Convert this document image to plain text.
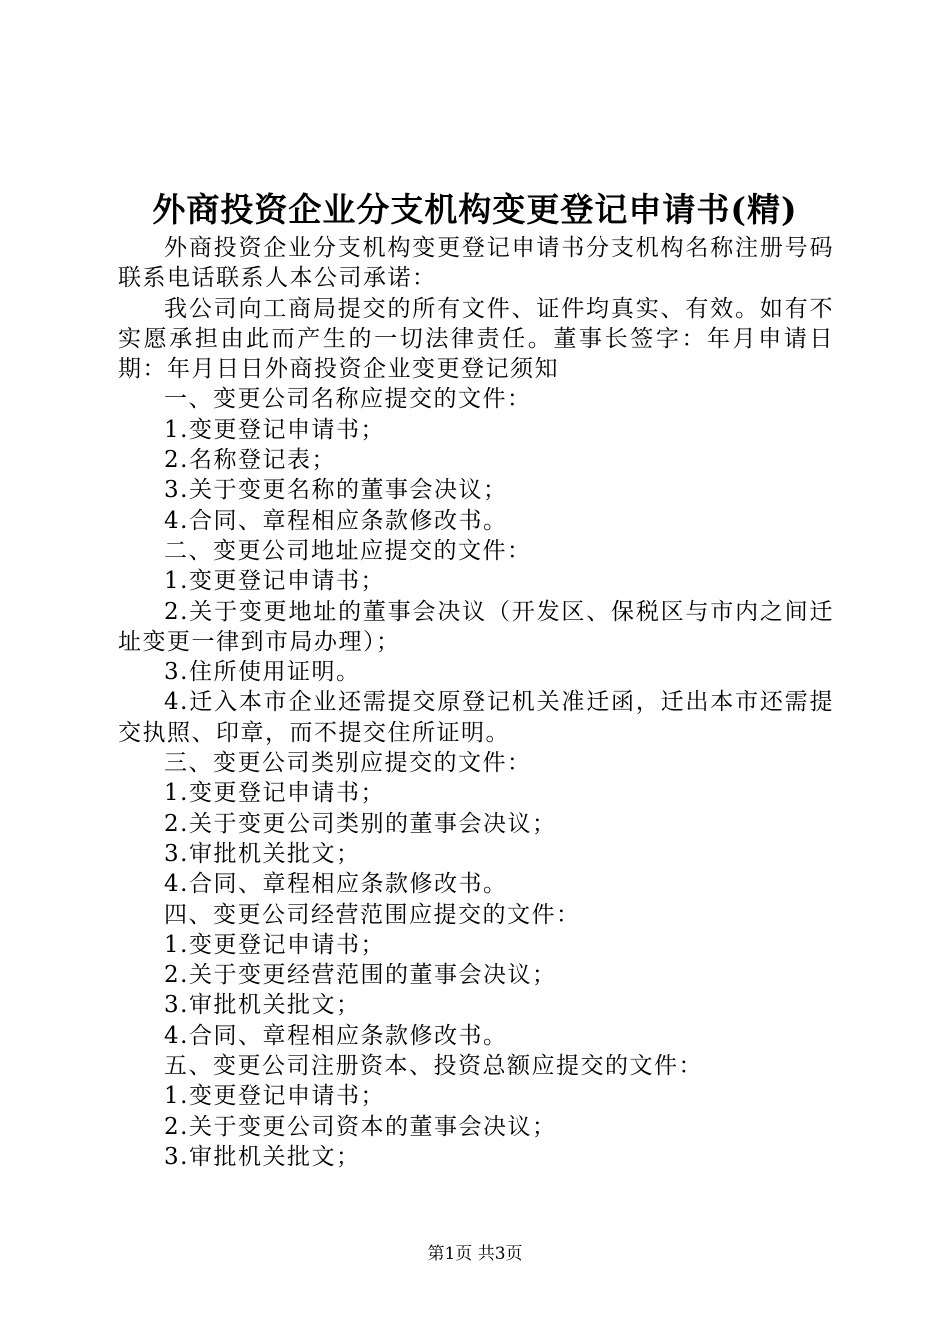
外商投资企业分支机构变更登记申请书(精)

外商投资企业分支机构变更登记申请书分支机构名称注册号码联系电话联系人本公司承诺：

我公司向工商局提交的所有文件、证件均真实、有效。如有不实愿承担由此而产生的一切法律责任。董事长签字：年月申请日期：年月日日外商投资企业变更登记须知

一、变更公司名称应提交的文件：

1.变更登记申请书；

2.名称登记表；

3.关于变更名称的董事会决议；

4.合同、章程相应条款修改书。

二、变更公司地址应提交的文件：

1.变更登记申请书；

2.关于变更地址的董事会决议（开发区、保税区与市内之间迁址变更一律到市局办理）；

3.住所使用证明。

4.迁入本市企业还需提交原登记机关准迁函，迁出本市还需提交执照、印章，而不提交住所证明。

三、变更公司类别应提交的文件：

1.变更登记申请书；

2.关于变更公司类别的董事会决议；

3.审批机关批文；

4.合同、章程相应条款修改书。

四、变更公司经营范围应提交的文件：

1.变更登记申请书；

2.关于变更经营范围的董事会决议；

3.审批机关批文；

4.合同、章程相应条款修改书。

五、变更公司注册资本、投资总额应提交的文件：

1.变更登记申请书；

2.关于变更公司资本的董事会决议；

3.审批机关批文；

第1页 共3页
